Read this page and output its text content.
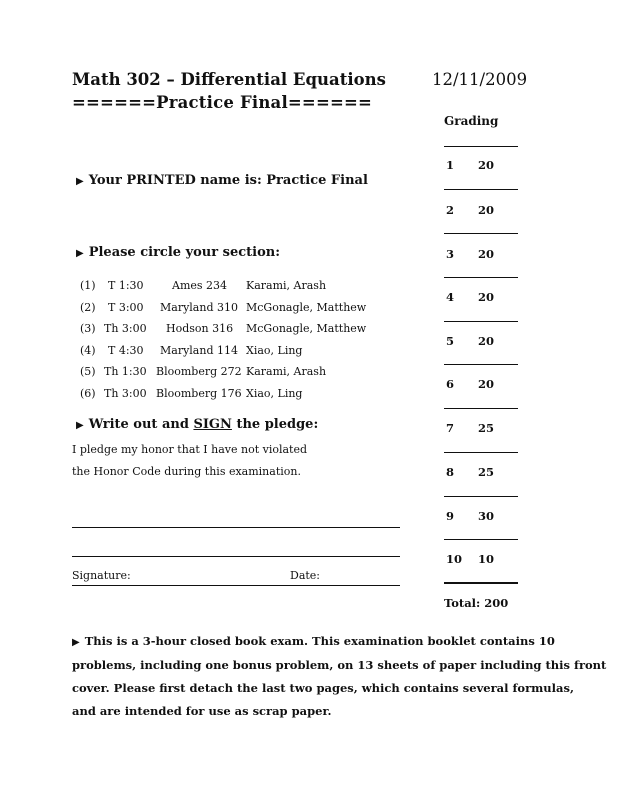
Math 302 – Differential Equations
======Practice Final======
12/11/2009
Grading
1 20
2 20
3 20
4 20
5 20
6 20
7 25
8 25
9 30
10 10
Total: 200
▶ Your PRINTED name is: Practice Final
▶ Please circle your section:
(1) T 1:30	Ames 234 Karami, Arash
(2) T 3:00 Maryland 310 McGonagle, Matthew
(3) Th 3:00 Hodson 316 McGonagle, Matthew
(4) T 4:30 Maryland 114 Xiao, Ling
(5) Th 1:30 Bloomberg 272 Karami, Arash
(6) Th 3:00 Bloomberg 176 Xiao, Ling
▶ Write out and SIGN the pledge:
I pledge my honor that I have not violated
the Honor Code during this examination.
Signature:	Date:
▶ This is a 3-hour closed book exam. This examination booklet contains 10
problems, including one bonus problem, on 13 sheets of paper including this front
cover. Please first detach the last two pages, which contains several formulas,
and are intended for use as scrap paper.
